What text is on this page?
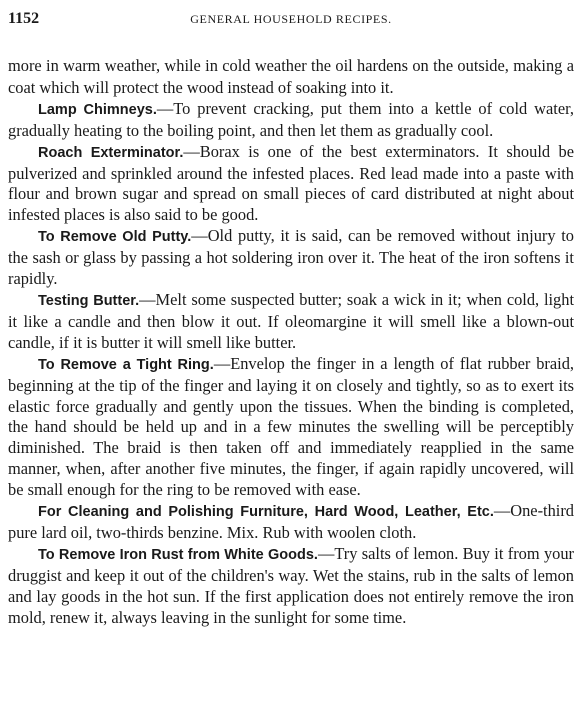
1152	GENERAL HOUSEHOLD RECIPES.

more in warm weather, while in cold weather the oil hardens on the outside, making a coat which will protect the wood instead of soaking into it.

Lamp Chimneys.—To prevent cracking, put them into a kettle of cold water, gradually heating to the boiling point, and then let them as gradually cool.

Roach Exterminator.—Borax is one of the best exterminators. It should be pulverized and sprinkled around the infested places. Red lead made into a paste with flour and brown sugar and spread on small pieces of card distributed at night about infested places is also said to be good.

To Remove Old Putty.—Old putty, it is said, can be removed without injury to the sash or glass by passing a hot soldering iron over it. The heat of the iron softens it rapidly.

Testing Butter.—Melt some suspected butter; soak a wick in it; when cold, light it like a candle and then blow it out. If oleomargine it will smell like a blown-out candle, if it is butter it will smell like butter.

To Remove a Tight Ring.—Envelop the finger in a length of flat rubber braid, beginning at the tip of the finger and laying it on closely and tightly, so as to exert its elastic force gradually and gently upon the tissues. When the binding is completed, the hand should be held up and in a few minutes the swelling will be perceptibly diminished. The braid is then taken off and immediately reapplied in the same manner, when, after another five minutes, the finger, if again rapidly uncovered, will be small enough for the ring to be removed with ease.

For Cleaning and Polishing Furniture, Hard Wood, Leather, Etc.—One-third pure lard oil, two-thirds benzine. Mix. Rub with woolen cloth.

To Remove Iron Rust from White Goods.—Try salts of lemon. Buy it from your druggist and keep it out of the children's way. Wet the stains, rub in the salts of lemon and lay goods in the hot sun. If the first application does not entirely remove the iron mold, renew it, always leaving in the sunlight for some time.
